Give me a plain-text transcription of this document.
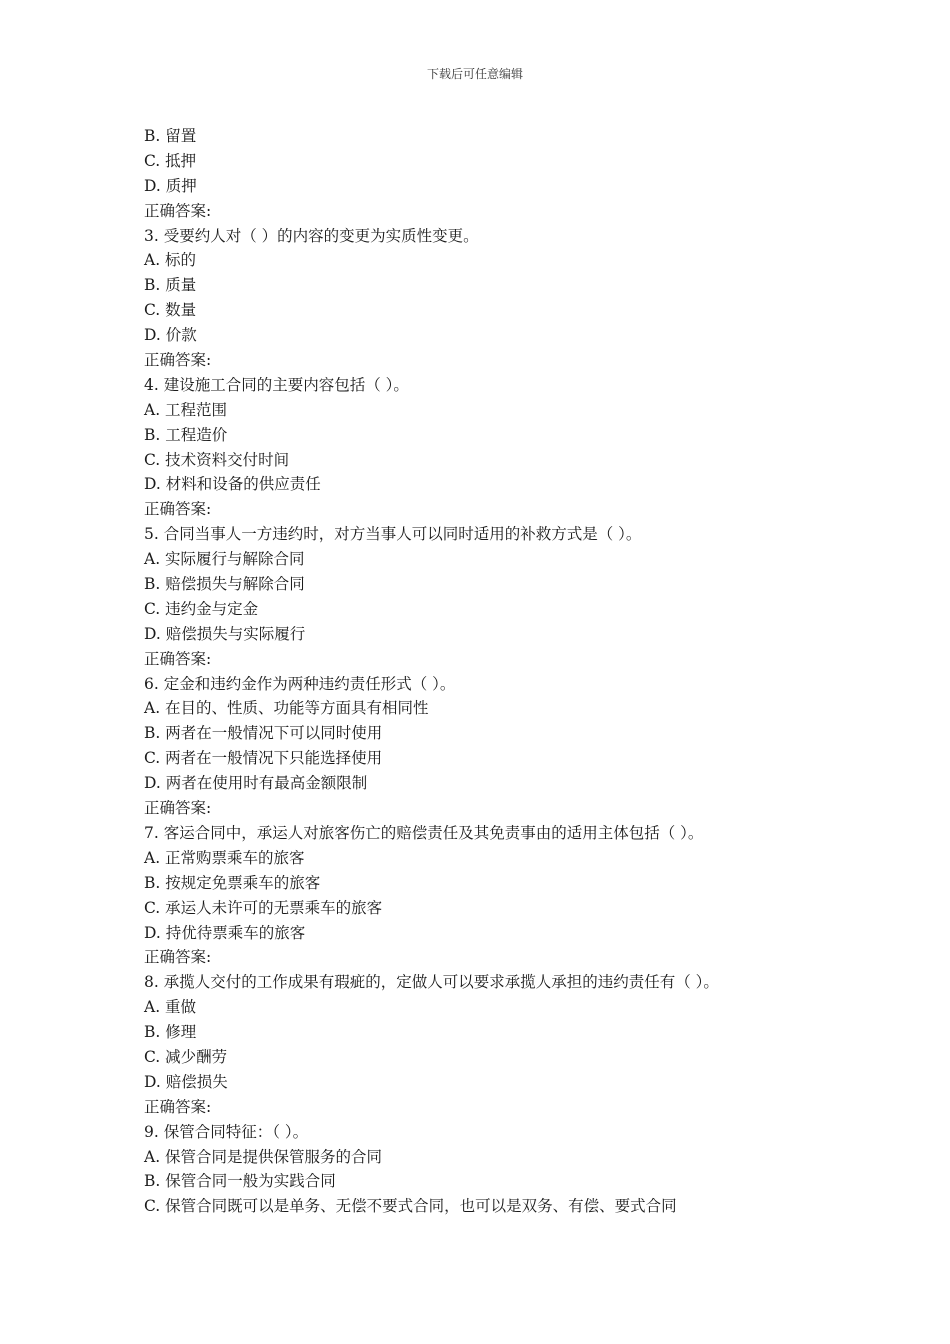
下载后可任意编辑
B. 留置
C. 抵押
D. 质押
正确答案:
3. 受要约人对（ ）的内容的变更为实质性变更。
A. 标的
B. 质量
C. 数量
D. 价款
正确答案:
4. 建设施工合同的主要内容包括（ ）。
A. 工程范围
B. 工程造价
C. 技术资料交付时间
D. 材料和设备的供应责任
正确答案:
5. 合同当事人一方违约时，对方当事人可以同时适用的补救方式是（ ）。
A. 实际履行与解除合同
B. 赔偿损失与解除合同
C. 违约金与定金
D. 赔偿损失与实际履行
正确答案:
6. 定金和违约金作为两种违约责任形式（ ）。
A. 在目的、性质、功能等方面具有相同性
B. 两者在一般情况下可以同时使用
C. 两者在一般情况下只能选择使用
D. 两者在使用时有最高金额限制
正确答案:
7. 客运合同中，承运人对旅客伤亡的赔偿责任及其免责事由的适用主体包括（ ）。
A. 正常购票乘车的旅客
B. 按规定免票乘车的旅客
C. 承运人未许可的无票乘车的旅客
D. 持优待票乘车的旅客
正确答案:
8. 承揽人交付的工作成果有瑕疵的，定做人可以要求承揽人承担的违约责任有（ ）。
A. 重做
B. 修理
C. 减少酬劳
D. 赔偿损失
正确答案:
9. 保管合同特征：（ ）。
A. 保管合同是提供保管服务的合同
B. 保管合同一般为实践合同
C. 保管合同既可以是单务、无偿不要式合同，也可以是双务、有偿、要式合同
